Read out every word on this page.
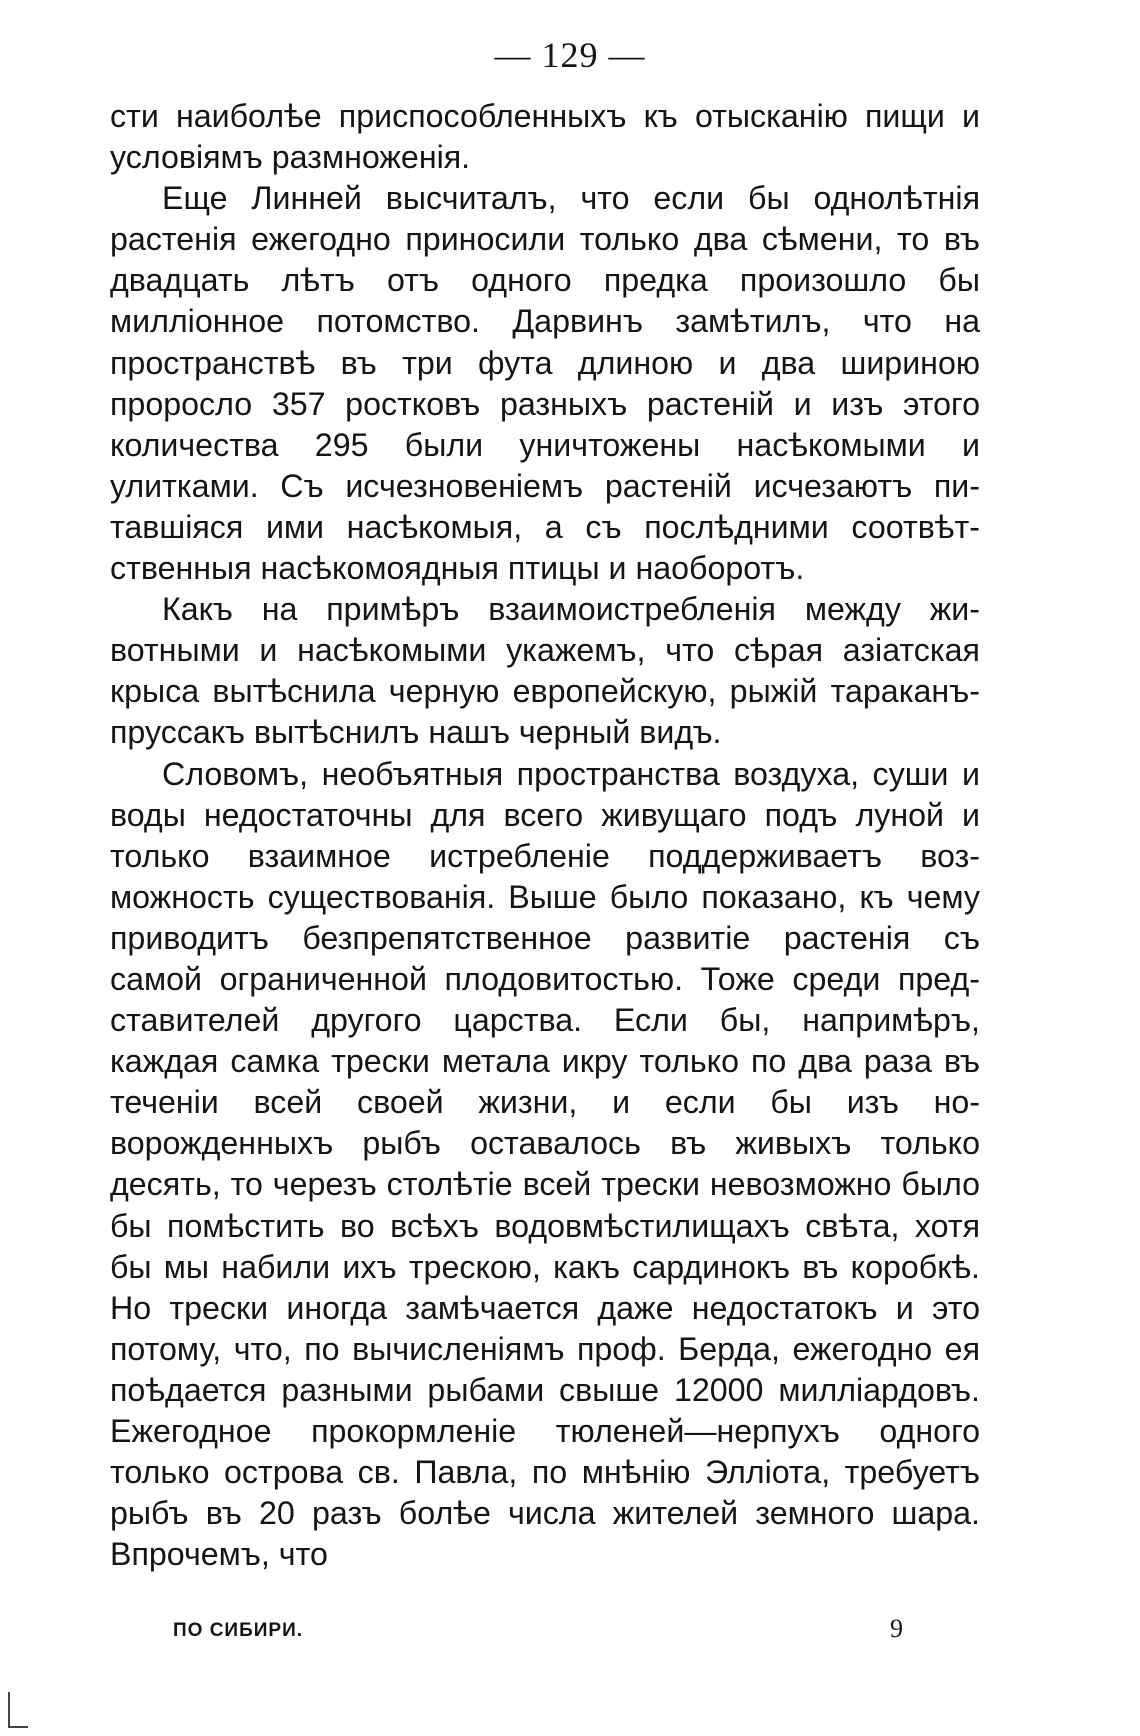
— 129 —

сти наиболѣе приспособленныхъ къ отысканію пищи и условіямъ размноженія.

Еще Линней высчиталъ, что если бы однолѣтнія растенія ежегодно приносили только два сѣмени, то въ двадцать лѣтъ отъ одного предка произошло бы милліонное потомство. Дарвинъ замѣтилъ, что на пространствѣ въ три фута длиною и два шириною проросло 357 ростковъ разныхъ растеній и изъ этого количества 295 были уничтожены насѣкомыми и улитками. Съ исчезновеніемъ растеній исчезаютъ питавшіяся ими насѣкомыя, а съ послѣдними соотвѣтственныя насѣкомоядныя птицы и наоборотъ.

Какъ на примѣръ взаимоистребленія между животными и насѣкомыми укажемъ, что сѣрая азіатская крыса вытѣснила черную европейскую, рыжій тараканъ-пруссакъ вытѣснилъ нашъ черный видъ.

Словомъ, необъятныя пространства воздуха, суши и воды недостаточны для всего живущаго подъ луной и только взаимное истребленіе поддерживаетъ возможность существованія. Выше было показано, къ чему приводитъ безпрепятственное развитіе растенія съ самой ограниченной плодовитостью. Тоже среди представителей другого царства. Если бы, напримѣръ, каждая самка трески метала икру только по два раза въ теченіи всей своей жизни, и если бы изъ новорожденныхъ рыбъ оставалось въ живыхъ только десять, то черезъ столѣтіе всей трески невозможно было бы помѣстить во всѣхъ водовмѣстилищахъ свѣта, хотя бы мы набили ихъ трескою, какъ сардинокъ въ коробкѣ. Но трески иногда замѣчается даже недостатокъ и это потому, что, по вычисленіямъ проф. Берда, ежегодно ея поѣдается разными рыбами свыше 12000 милліардовъ. Ежегодное прокормленіе тюленей—нерпухъ одного только острова св. Павла, по мнѣнію Эллiота, требуетъ рыбъ въ 20 разъ болѣе числа жителей земного шара. Впрочемъ, что

ПО СИБИРИ.	9
